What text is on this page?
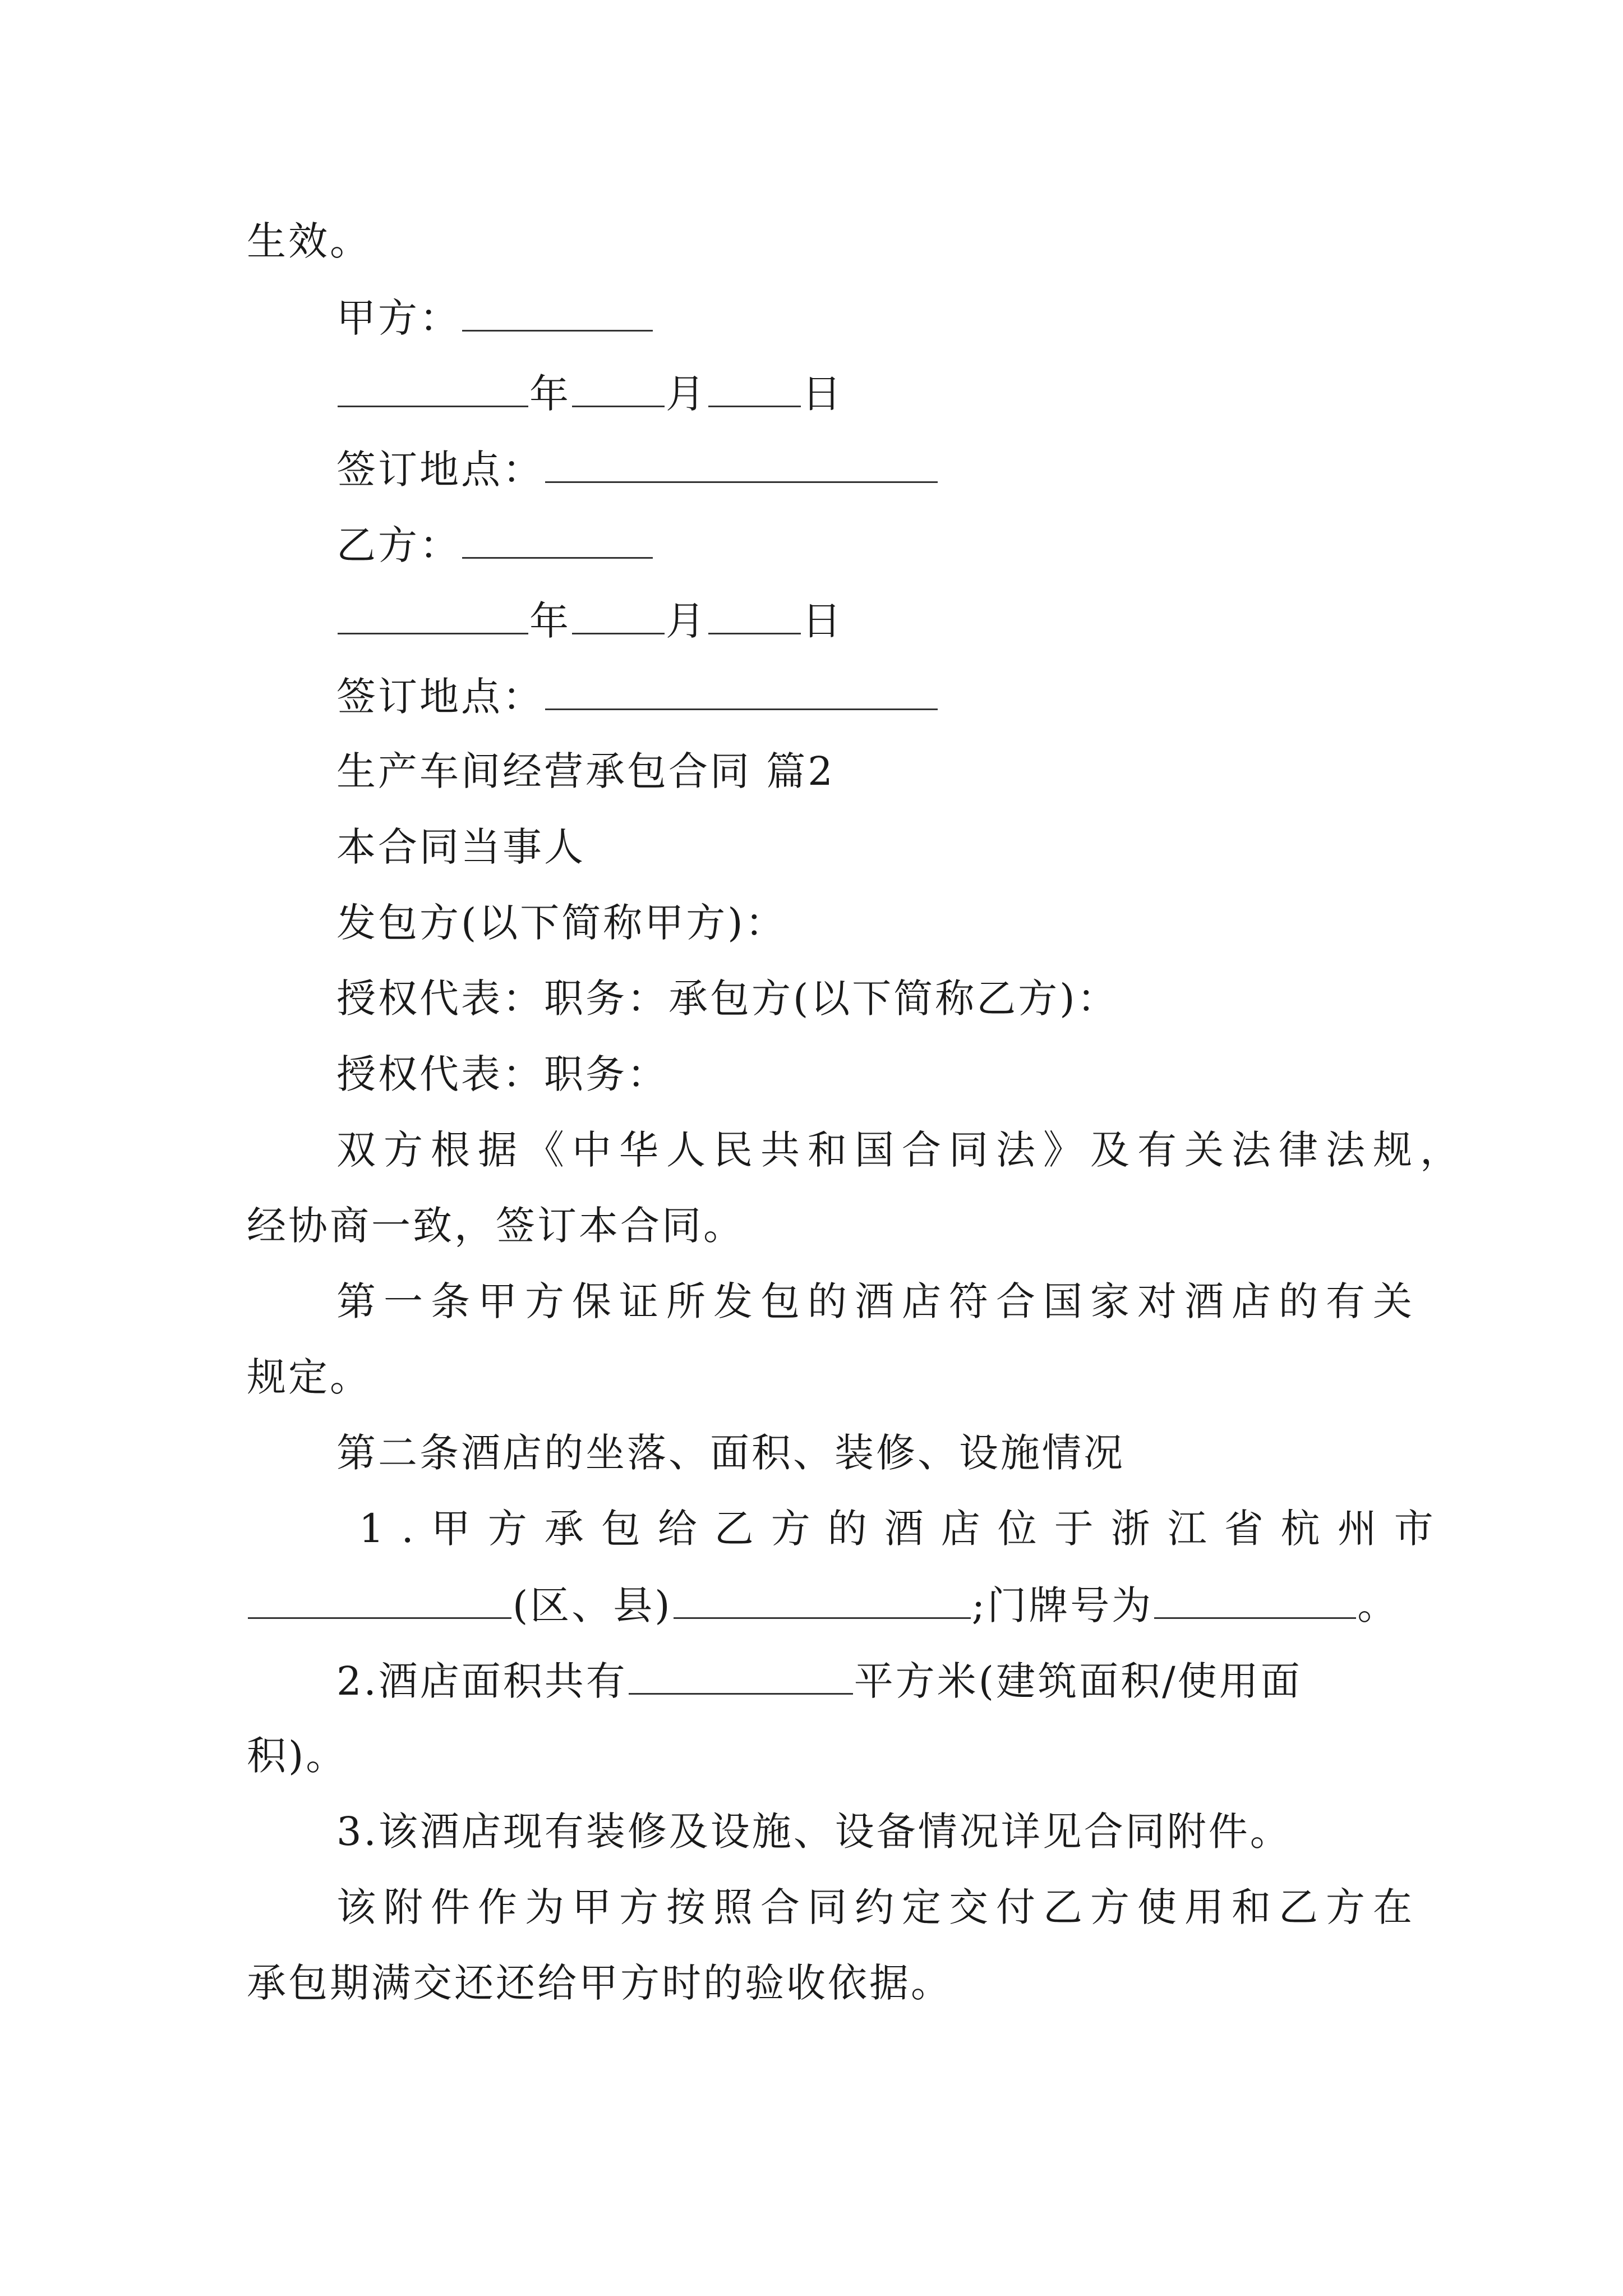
生效。
甲方：
年 月 日
签订地点：
乙方：
年 月 日
签订地点：
生产车间经营承包合同 篇2
本合同当事人
发包方(以下简称甲方)：
授权代表：职务：承包方(以下简称乙方)：
授权代表：职务：
双方根据《中华人民共和国合同法》及有关法律法规，
经协商一致，签订本合同。
第一条甲方保证所发包的酒店符合国家对酒店的有关
规定。
第二条酒店的坐落、面积、装修、设施情况
1.甲方承包给乙方的酒店位于浙江省杭州市
(区、县)	;门牌号为	。
2.酒店面积共有	平方米(建筑面积/使用面
积)。
3.该酒店现有装修及设施、设备情况详见合同附件。
该附件作为甲方按照合同约定交付乙方使用和乙方在
承包期满交还还给甲方时的验收依据。
